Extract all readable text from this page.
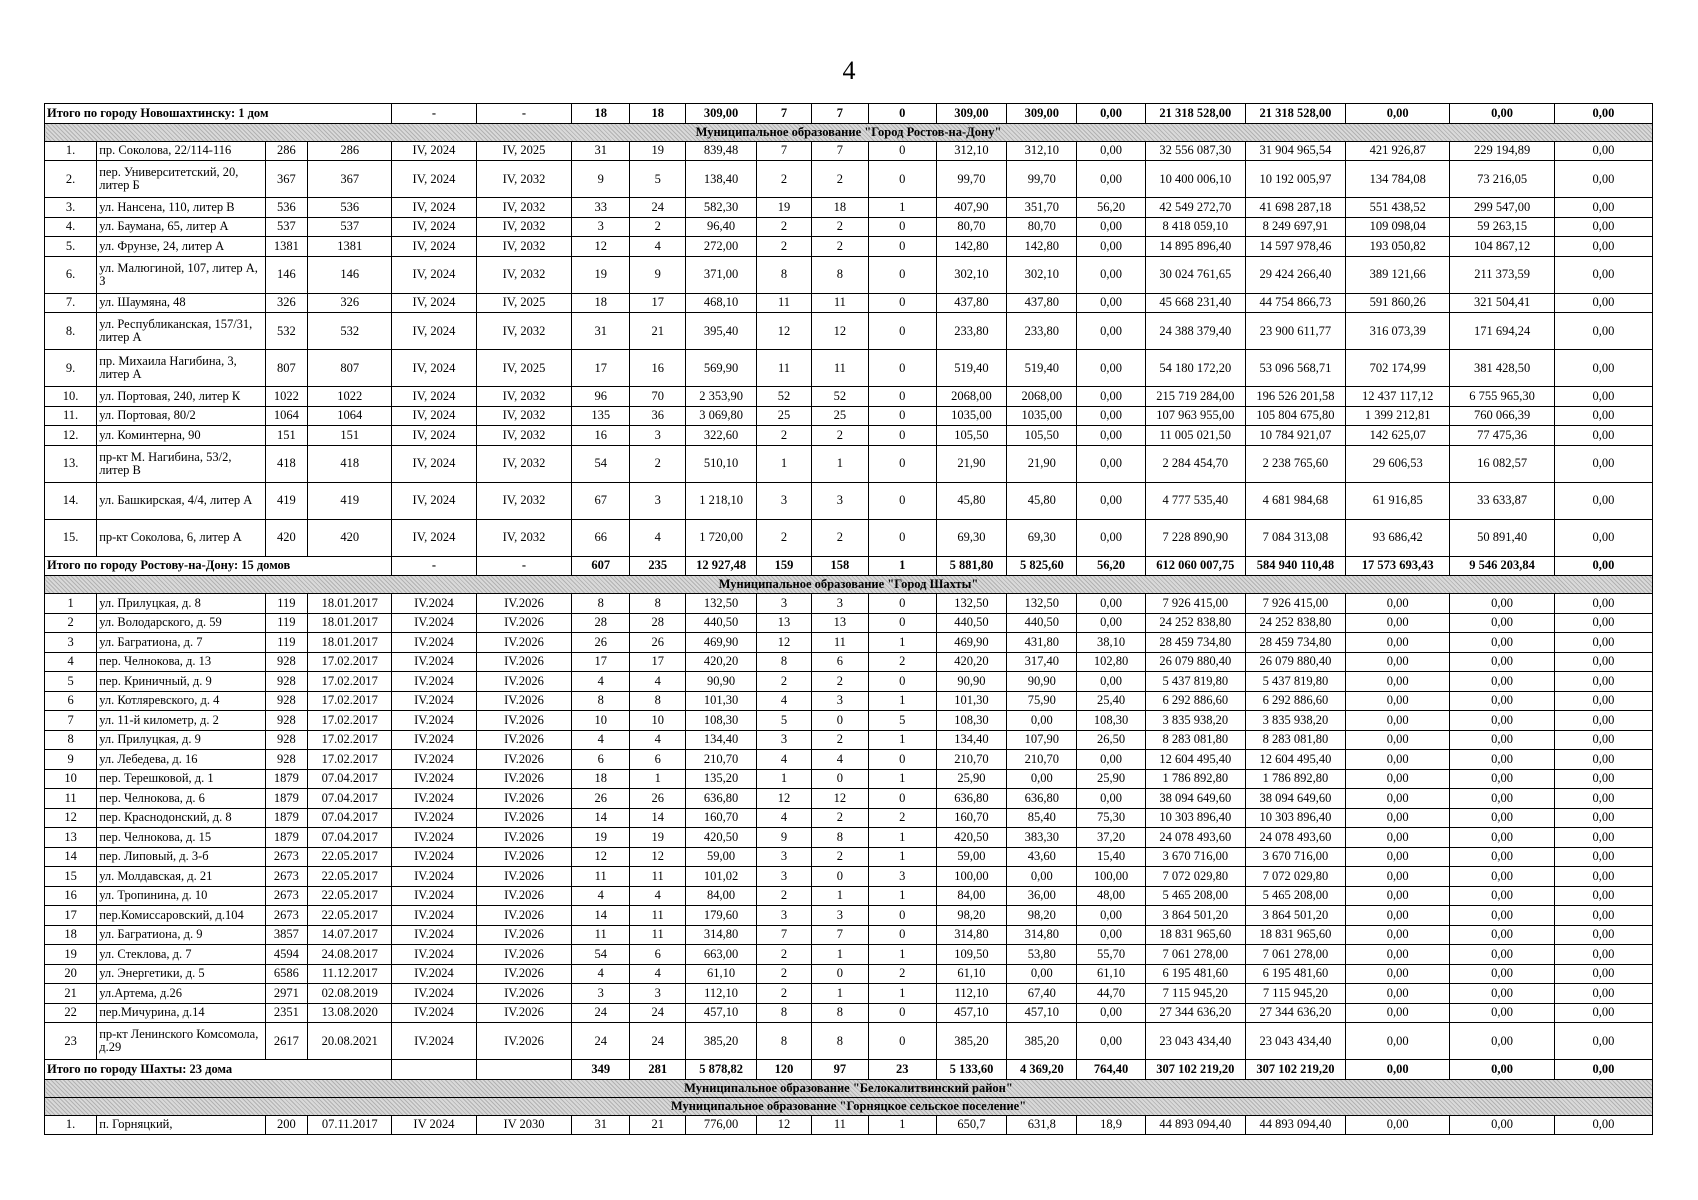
4
Итого по городу Новошахтинску: 1 дом				-	-	18	18	309,00	7	7	0	309,00	309,00	0,00	21 318 528,00	21 318 528,00	0,00	0,00	0,00
Муниципальное образование "Город Ростов-на-Дону"																			
1.	пр. Соколова, 22/114-116	286	286	IV, 2024	IV, 2025	31	19	839,48	7	7	0	312,10	312,10	0,00	32 556 087,30	31 904 965,54	421 926,87	229 194,89	0,00
2.	пер. Университетский, 20, литер Б	367	367	IV, 2024	IV, 2032	9	5	138,40	2	2	0	99,70	99,70	0,00	10 400 006,10	10 192 005,97	134 784,08	73 216,05	0,00
3.	ул. Нансена, 110, литер В	536	536	IV, 2024	IV, 2032	33	24	582,30	19	18	1	407,90	351,70	56,20	42 549 272,70	41 698 287,18	551 438,52	299 547,00	0,00
4.	ул. Баумана, 65, литер А	537	537	IV, 2024	IV, 2032	3	2	96,40	2	2	0	80,70	80,70	0,00	8 418 059,10	8 249 697,91	109 098,04	59 263,15	0,00
5.	ул. Фрунзе, 24, литер А	1381	1381	IV, 2024	IV, 2032	12	4	272,00	2	2	0	142,80	142,80	0,00	14 895 896,40	14 597 978,46	193 050,82	104 867,12	0,00
6.	ул. Малюгиной, 107, литер А, З	146	146	IV, 2024	IV, 2032	19	9	371,00	8	8	0	302,10	302,10	0,00	30 024 761,65	29 424 266,40	389 121,66	211 373,59	0,00
7.	ул. Шаумяна, 48	326	326	IV, 2024	IV, 2025	18	17	468,10	11	11	0	437,80	437,80	0,00	45 668 231,40	44 754 866,73	591 860,26	321 504,41	0,00
8.	ул. Республиканская, 157/31, литер А	532	532	IV, 2024	IV, 2032	31	21	395,40	12	12	0	233,80	233,80	0,00	24 388 379,40	23 900 611,77	316 073,39	171 694,24	0,00
9.	пр. Михаила Нагибина, 3, литер А	807	807	IV, 2024	IV, 2025	17	16	569,90	11	11	0	519,40	519,40	0,00	54 180 172,20	53 096 568,71	702 174,99	381 428,50	0,00
10.	ул. Портовая, 240, литер К	1022	1022	IV, 2024	IV, 2032	96	70	2 353,90	52	52	0	2068,00	2068,00	0,00	215 719 284,00	196 526 201,58	12 437 117,12	6 755 965,30	0,00
11.	ул. Портовая, 80/2	1064	1064	IV, 2024	IV, 2032	135	36	3 069,80	25	25	0	1035,00	1035,00	0,00	107 963 955,00	105 804 675,80	1 399 212,81	760 066,39	0,00
12.	ул. Коминтерна, 90	151	151	IV, 2024	IV, 2032	16	3	322,60	2	2	0	105,50	105,50	0,00	11 005 021,50	10 784 921,07	142 625,07	77 475,36	0,00
13.	пр-кт М. Нагибина, 53/2, литер В	418	418	IV, 2024	IV, 2032	54	2	510,10	1	1	0	21,90	21,90	0,00	2 284 454,70	2 238 765,60	29 606,53	16 082,57	0,00
14.	ул. Башкирская, 4/4, литер А	419	419	IV, 2024	IV, 2032	67	3	1 218,10	3	3	0	45,80	45,80	0,00	4 777 535,40	4 681 984,68	61 916,85	33 633,87	0,00
15.	пр-кт Соколова, 6, литер А	420	420	IV, 2024	IV, 2032	66	4	1 720,00	2	2	0	69,30	69,30	0,00	7 228 890,90	7 084 313,08	93 686,42	50 891,40	0,00
Итого по городу Ростову-на-Дону: 15 домов				-	-	607	235	12 927,48	159	158	1	5 881,80	5 825,60	56,20	612 060 007,75	584 940 110,48	17 573 693,43	9 546 203,84	0,00
Муниципальное образование "Город Шахты"																			
1	ул. Прилуцкая, д. 8	119	18.01.2017	IV.2024	IV.2026	8	8	132,50	3	3	0	132,50	132,50	0,00	7 926 415,00	7 926 415,00	0,00	0,00	0,00
2	ул. Володарского, д. 59	119	18.01.2017	IV.2024	IV.2026	28	28	440,50	13	13	0	440,50	440,50	0,00	24 252 838,80	24 252 838,80	0,00	0,00	0,00
3	ул. Багратиона, д. 7	119	18.01.2017	IV.2024	IV.2026	26	26	469,90	12	11	1	469,90	431,80	38,10	28 459 734,80	28 459 734,80	0,00	0,00	0,00
4	пер. Челнокова, д. 13	928	17.02.2017	IV.2024	IV.2026	17	17	420,20	8	6	2	420,20	317,40	102,80	26 079 880,40	26 079 880,40	0,00	0,00	0,00
5	пер. Криничный, д. 9	928	17.02.2017	IV.2024	IV.2026	4	4	90,90	2	2	0	90,90	90,90	0,00	5 437 819,80	5 437 819,80	0,00	0,00	0,00
6	ул. Котляревского, д. 4	928	17.02.2017	IV.2024	IV.2026	8	8	101,30	4	3	1	101,30	75,90	25,40	6 292 886,60	6 292 886,60	0,00	0,00	0,00
7	ул. 11-й километр, д. 2	928	17.02.2017	IV.2024	IV.2026	10	10	108,30	5	0	5	108,30	0,00	108,30	3 835 938,20	3 835 938,20	0,00	0,00	0,00
8	ул. Прилуцкая, д. 9	928	17.02.2017	IV.2024	IV.2026	4	4	134,40	3	2	1	134,40	107,90	26,50	8 283 081,80	8 283 081,80	0,00	0,00	0,00
9	ул. Лебедева, д. 16	928	17.02.2017	IV.2024	IV.2026	6	6	210,70	4	4	0	210,70	210,70	0,00	12 604 495,40	12 604 495,40	0,00	0,00	0,00
10	пер. Терешковой, д. 1	1879	07.04.2017	IV.2024	IV.2026	18	1	135,20	1	0	1	25,90	0,00	25,90	1 786 892,80	1 786 892,80	0,00	0,00	0,00
11	пер. Челнокова, д. 6	1879	07.04.2017	IV.2024	IV.2026	26	26	636,80	12	12	0	636,80	636,80	0,00	38 094 649,60	38 094 649,60	0,00	0,00	0,00
12	пер. Краснодонский, д. 8	1879	07.04.2017	IV.2024	IV.2026	14	14	160,70	4	2	2	160,70	85,40	75,30	10 303 896,40	10 303 896,40	0,00	0,00	0,00
13	пер. Челнокова, д. 15	1879	07.04.2017	IV.2024	IV.2026	19	19	420,50	9	8	1	420,50	383,30	37,20	24 078 493,60	24 078 493,60	0,00	0,00	0,00
14	пер. Липовый, д. 3-б	2673	22.05.2017	IV.2024	IV.2026	12	12	59,00	3	2	1	59,00	43,60	15,40	3 670 716,00	3 670 716,00	0,00	0,00	0,00
15	ул. Молдавская, д. 21	2673	22.05.2017	IV.2024	IV.2026	11	11	101,02	3	0	3	100,00	0,00	100,00	7 072 029,80	7 072 029,80	0,00	0,00	0,00
16	ул. Тропинина, д. 10	2673	22.05.2017	IV.2024	IV.2026	4	4	84,00	2	1	1	84,00	36,00	48,00	5 465 208,00	5 465 208,00	0,00	0,00	0,00
17	пер.Комиссаровский, д.104	2673	22.05.2017	IV.2024	IV.2026	14	11	179,60	3	3	0	98,20	98,20	0,00	3 864 501,20	3 864 501,20	0,00	0,00	0,00
18	ул. Багратиона, д. 9	3857	14.07.2017	IV.2024	IV.2026	11	11	314,80	7	7	0	314,80	314,80	0,00	18 831 965,60	18 831 965,60	0,00	0,00	0,00
19	ул. Стеклова, д. 7	4594	24.08.2017	IV.2024	IV.2026	54	6	663,00	2	1	1	109,50	53,80	55,70	7 061 278,00	7 061 278,00	0,00	0,00	0,00
20	ул. Энергетики, д. 5	6586	11.12.2017	IV.2024	IV.2026	4	4	61,10	2	0	2	61,10	0,00	61,10	6 195 481,60	6 195 481,60	0,00	0,00	0,00
21	ул.Артема, д.26	2971	02.08.2019	IV.2024	IV.2026	3	3	112,10	2	1	1	112,10	67,40	44,70	7 115 945,20	7 115 945,20	0,00	0,00	0,00
22	пер.Мичурина, д.14	2351	13.08.2020	IV.2024	IV.2026	24	24	457,10	8	8	0	457,10	457,10	0,00	27 344 636,20	27 344 636,20	0,00	0,00	0,00
23	пр-кт Ленинского Комсомола, д.29	2617	20.08.2021	IV.2024	IV.2026	24	24	385,20	8	8	0	385,20	385,20	0,00	23 043 434,40	23 043 434,40	0,00	0,00	0,00
Итого по городу Шахты: 23 дома						349	281	5 878,82	120	97	23	5 133,60	4 369,20	764,40	307 102 219,20	307 102 219,20	0,00	0,00	0,00
Муниципальное образование "Белокалитвинский район"																			
Муниципальное образование "Горняцкое сельское поселение"																			
1.	п. Горняцкий,	200	07.11.2017	IV 2024	IV 2030	31	21	776,00	12	11	1	650,7	631,8	18,9	44 893 094,40	44 893 094,40	0,00	0,00	0,00
